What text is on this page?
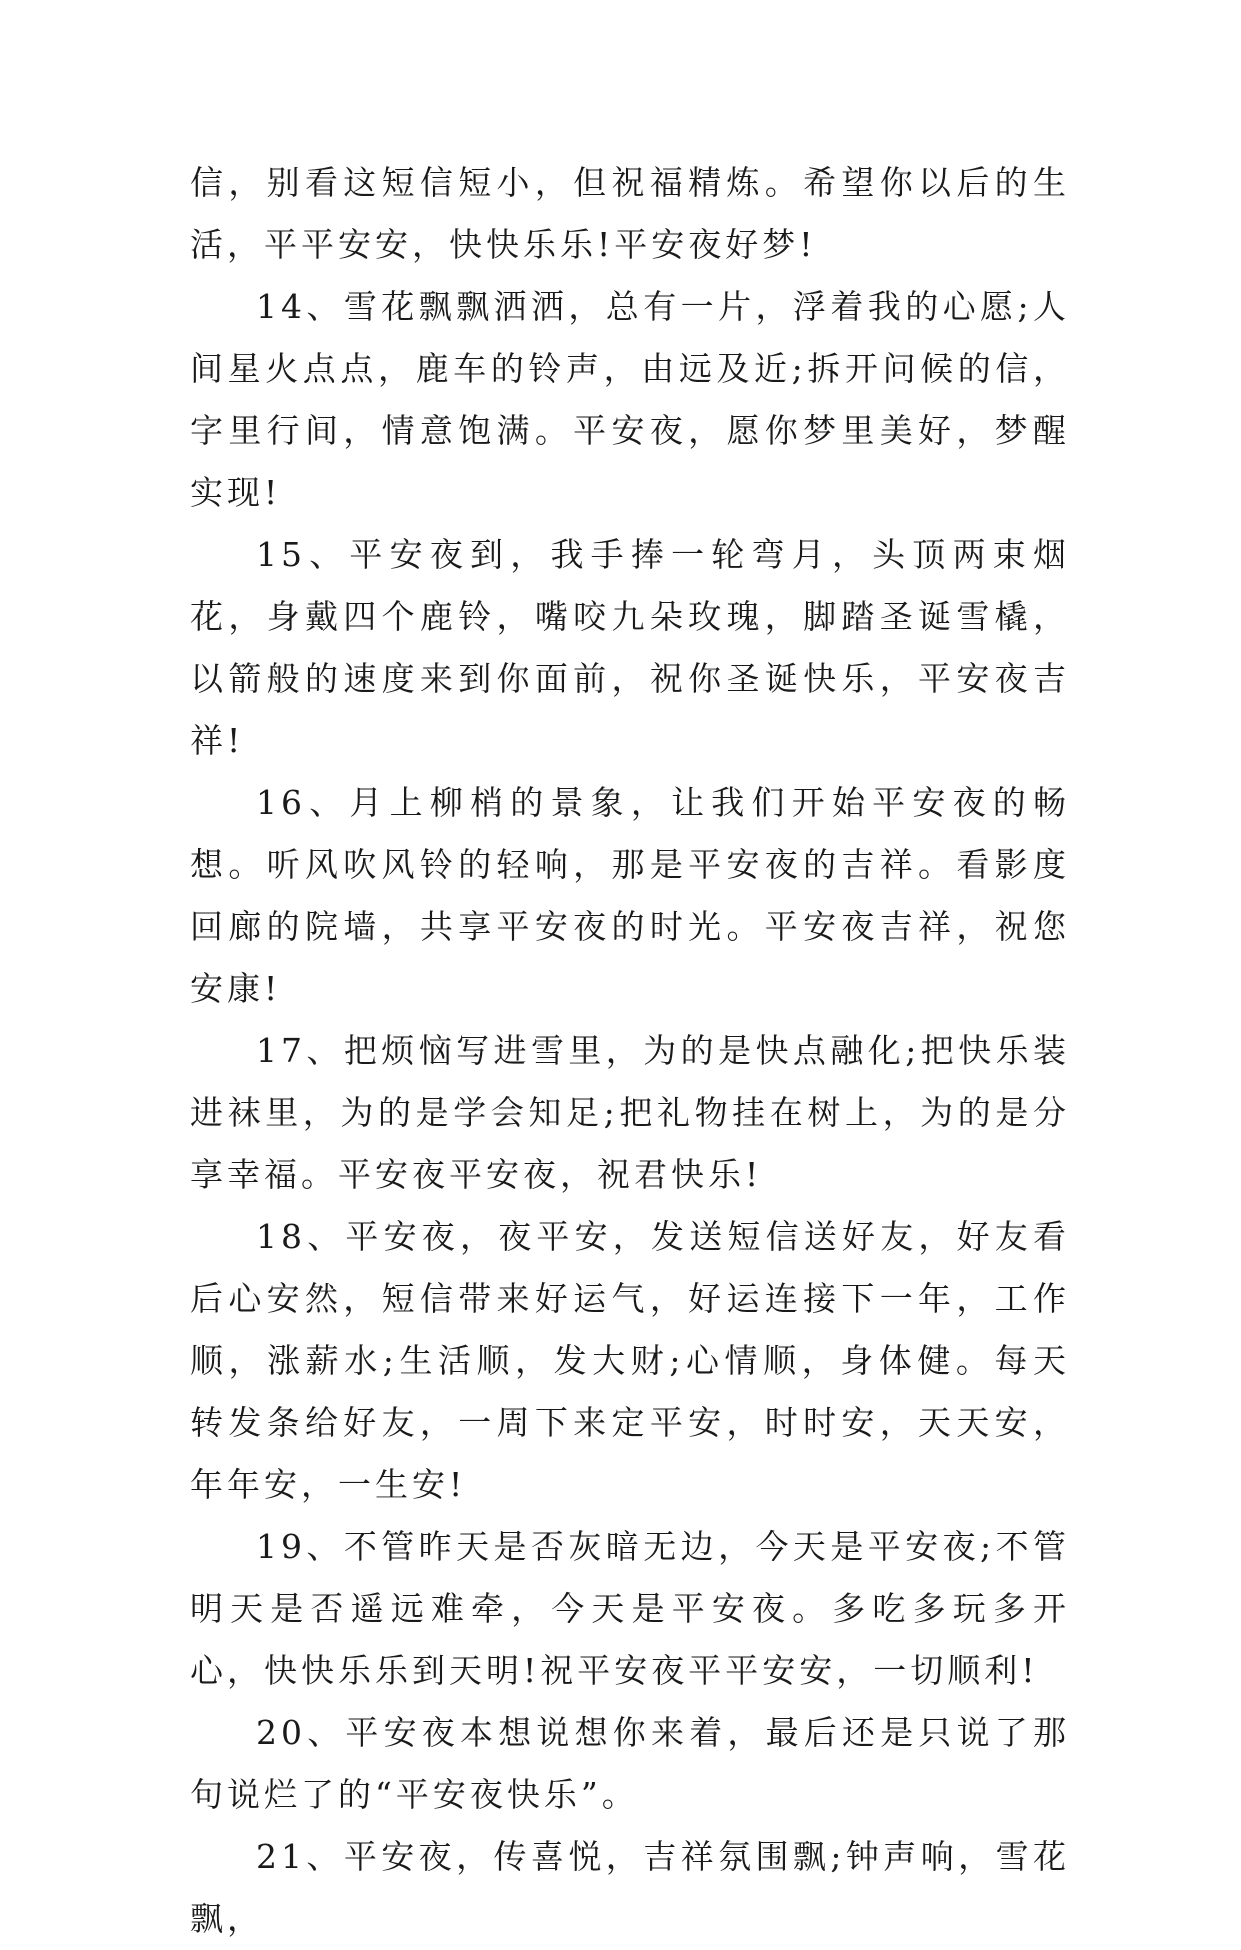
信，别看这短信短小，但祝福精炼。希望你以后的生活，平平安安，快快乐乐!平安夜好梦!

14、雪花飘飘洒洒，总有一片，浮着我的心愿;人间星火点点，鹿车的铃声，由远及近;拆开问候的信，字里行间，情意饱满。平安夜，愿你梦里美好，梦醒实现!

15、平安夜到，我手捧一轮弯月，头顶两束烟花，身戴四个鹿铃，嘴咬九朵玫瑰，脚踏圣诞雪橇，以箭般的速度来到你面前，祝你圣诞快乐，平安夜吉祥!

16、月上柳梢的景象，让我们开始平安夜的畅想。听风吹风铃的轻响，那是平安夜的吉祥。看影度回廊的院墙，共享平安夜的时光。平安夜吉祥，祝您安康!

17、把烦恼写进雪里，为的是快点融化;把快乐装进袜里，为的是学会知足;把礼物挂在树上，为的是分享幸福。平安夜平安夜，祝君快乐!

18、平安夜，夜平安，发送短信送好友，好友看后心安然，短信带来好运气，好运连接下一年，工作顺，涨薪水;生活顺，发大财;心情顺，身体健。每天转发条给好友，一周下来定平安，时时安，天天安，年年安，一生安!

19、不管昨天是否灰暗无边，今天是平安夜;不管明天是否遥远难牵，今天是平安夜。多吃多玩多开心，快快乐乐到天明!祝平安夜平平安安，一切顺利!

20、平安夜本想说想你来着，最后还是只说了那句说烂了的“平安夜快乐”。

21、平安夜，传喜悦，吉祥氛围飘;钟声响，雪花飘，
